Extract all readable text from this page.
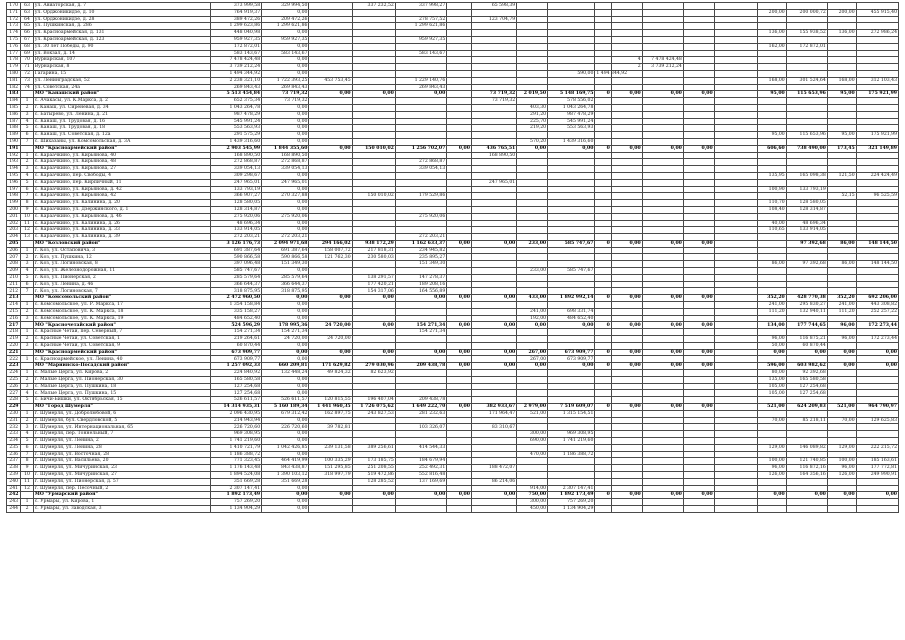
170	63	ул. Авиаторская, д. 7	373 999,58	329 994,50		337 232,52	337 998,27		65 598,39											
171	63	ул. Орджоникидзе, д. 10	764 919,37	0,00													200,00	200 000,72	200,00	455 915,40
172	64	ул. Орджоникидзе, д. 28	389 472,26	209 472,26			278 757,52		123 704,79											
173	65	ул. Пушкинская, д. 286	1 299 623,86	1 299 621,86			1 299 621,86													
174	66	ул. Красноармейская, д. 131	448 040,98	0,00													136,00	155 938,52	136,00	272 986,24
175	67	ул. Красноармейская, д. 123	959 927,35	959 927,35			959 927,35													
176	68	ул. 30 лет Победы, д. 90	172 872,01	0,00													162,00	172 872,01		
177	69	ул. Вокзал, д. 14	583 143,67	583 143,67			583 143,67													
178	70	Вурнарская, 107	7 478 424,48	0,00									4	7 478 424,48						
179	71	Вурнарская, 8	3 739 212,24	0,00									2	3 739 212,24						
180	72	Гагарина, 15	1 494 344,92	0,00							590,00	1 494 344,92								
181	73	ул. Ленинградская, 52	2 238 321,10	1 722 393,25	453 753,45		1 229 140,76										168,00	301 524,64	168,00	312 103,43
182	74	ул. Советская, 24а	269 843,43	269 843,43			269 843,43													
183		МО "Канашский район"	5 513 454,84	73 719,32	0,00	0,00	0,00		73 719,32	2 019,50	5 148 169,75	0	0,00	0,00	0,00		95,00	115 653,96	95,00	175 921,99
184	1	с. Ачакасы, ул. К.Маркса, д. 2	652 375,34	73 719,32					73 719,32		578 556,02									
185	2	г. Канаш, ул. Сиреневая, д. 34	1 043 264,78	0,00						403,30	1 043 264,78									
186	3	с. Батырево, ул. Ленина, д. 21	987 478,29	0,00						291,20	987 478,29									
187	4	с. Канаш, ул. Трудовая, д. 16	545 991,24	0,00						225,70	545 991,24									
188	5	с. Канаш, ул. Трудовая, д. 18	553 563,93	0,00						219,20	553 563,93									
189	6	с. Канаш, ул. Советская, д. 12а	291 575,29	0,00													95,00	115 653,96	95,00	175 921,99
190	7	с. Шихазаны, ул. Комсомольская, д. 3А	1 439 316,60	0,00						570,20	1 439 316,60									
191		МО "Красноармейский район"	2 903 545,99	1 844 355,60	0,00	150 010,02	1 256 702,07	0,00	436 765,51	0,00	0,00	0	0,00	0,00	0,00		606,60	738 490,00	173,45	321 149,89
192	1	с. Караачкино, ул. Кирьянова, 40	168 890,50	168 890,50					168 890,50											
193	2	с. Караачкино, ул. Кирьянова, 48	272 868,87	272 868,87			272 868,87													
194	3	с. Караачкино, ул. Кирьянова, 27	339 054,13	339 054,13			339 054,13													
195	4	с. Караачкино, пер. Свободы, 4	309 298,67	0,00													135,95	165 098,38	121,50	224 424,49
196	5	с. Караачкино, пер. Кирпичный, 11	247 965,01	247 965,01					247 965,01											
197	6	с. Караачкино, ул. Кирьянова, д. 42	133 793,19	0,00													100,90	133 793,19		
198	7	с. Караачкино, ул. Кирьянова, 42	366 907,27	270 327,88		150 010,02	179 529,86												52,15	96 525,59
199	8	с. Караачкино, ул. Калинина, д. 20	128 580,05	0,00													110,70	128 580,05		
200	9	с. Караачкино, ул. Дзержинского, д. 1	128 314,87	0,00													108,40	128 314,87		
201	10	с. Караачкино, ул. Кирьянова, д. 4б	275 920,06	275 920,06			275 920,06													
202	11	с. Караачкино, ул. Калинина, д. 26	48 696,34	0,00													40,00	48 696,34		
203	12	с. Караачкино, ул. Калинина, д. 33	133 914,05	0,00													110,65	133 914,05		
204	13	с. Караачкино, ул. Калинина, д. 39	272 203,21	272 203,21			272 203,21													
205		МО "Козловский район"	3 126 176,73	2 094 971,68	294 166,02	938 172,29	1 162 633,37	0,00	0,00	233,00	585 747,67	0	0,00	0,00	0,00			97 392,68	86,00	148 144,50
206	1	г. Коз, ул. Остаповича, 3	691 387,64	691 387,64	158 007,72	217 818,31	234 945,82													
207	2	г. Коз, ул. Пушкина, 12	590 866,58	590 866,58	121 762,30	230 580,03	235 895,27													
208	3	г. Коз, ул. Логиновская, 8	397 096,48	151 349,30			151 349,30										86,00	97 392,68	86,00	148 144,50
209	4	г. Коз, ул. Железнодорожная, 11	585 747,67	0,00						233,00	585 747,67									
210	5	г. Коз, ул. Пионерская, 2	285 579,64	285 579,64		138 291,57	147 278,37													
211	6	г. Коз, ул. Ленина, д. 46	366 644,37	366 644,37		177 420,21	189 208,16													
212	7	г. Коз, ул. Логиновская, 7	318 875,95	318 875,95		154 317,06	164 556,89													
213		МО "Комсомольский район"	2 472 960,50	0,00	0,00	0,00	0,00	0,00	0,00	433,00	1 892 992,14	0	0,00	0,00	0,00		352,20	428 770,38	352,20	692 206,00
214	1	с. Комсомольское, ул. Р. Маркса, 17	1 354 158,84	0,00													241,00	295 830,27	241,00	443 308,82
215	2	с. Комсомольское, ул. К. Маркса, 18	335 158,27	0,00						241,00	698 331,74						111,20	132 940,11	111,20	252 257,22
216	3	с. Комсомольское, ул. К. Маркса, 19	484 652,40	0,00						192,00	484 652,40									
217		МО "Красночетайский район"	524 596,29	178 995,36	24 720,00	0,00	154 271,34	0,00	0,00	0,00	0,00	0	0,00	0,00	0,00		134,00	177 744,65	96,00	172 273,44
218	1	с. Красные Четаи, пер. Северный, 7	154 271,34	154 271,34			154 271,34													
219	2	с. Красные Четаи, ул. Советская, 1	219 264,61	24 720,00	24 720,00												96,00	116 875,21	96,00	172 273,44
220	3	с. Красные Четаи, ул. Советская, 9	60 870,44	0,00													50,00	60 870,44		
221		МО "Красноармейский район"	673 909,77	0,00	0,00	0,00	0,00	0,00	0,00	267,00	673 909,77	0	0,00	0,00	0,00		0,00	0,00	0,00	0,00
222	1	с. Красноармейское, ул. Ленина, 40	673 909,77	0,00						267,00	673 909,77									
223		МО "Мариинско-Посадский район"	1 257 092,33	660 209,81	171 629,82	279 030,96	209 438,78	0,00	0,00	0,00	0,00	0	0,00	0,00	0,00		596,00	603 982,62	0,00	0,00
224	1	с. Малые Церга, ул. Кирова, 2	224 840,92	132 448,24	49 824,32	82 623,92											80,00	92 392,68		
225	2	г. Малые Церга, ул. Пионерская, 30	165 580,58	0,00													135,00	165 580,58		
226	3	с. Малые Церга, ул. Пушкина, 18	127 254,68	0,00													105,00	127 254,68		
227	4	с. Малые Церга, ул. Пушкина, 15	127 254,68	0,00													105,00	127 254,68		
228	5	с. Бичи-Бишки, ул. Октябрьская, 15	526 611,57	526 611,57	120 815,55	196 407,04	209 438,78													
229		МО "Город Шумерля"	14 314 935,31	5 160 189,34	1 441 960,35	1 726 075,62	1 649 222,70	0,00	382 933,67	2 979,00	7 519 609,07	0	0,00	0,00	0,00		521,00	624 209,83	521,00	964 790,97
230	1	г. Шумерля, ул. Добролюбовой, 6	2 096 430,95	679 312,42	162 897,75	243 827,53	281 232,63		171 964,47	521,00	1 315 154,51									
231	2	г. Шумерля, бул. Свердловской, 5	214 943,94	0,00													70,00	85 218,11	70,00	129 625,83
232	3	г. Шумерля, ул. Интернациональная, 65	226 720,60	226 720,60	39 782,81		103 326,07		83 310,67											
233	4	г. Шумерля, пер. Тоннельный, 7	969 308,95	0,00						300,00	969 308,95									
234	5	г. Шумерля, ул. Ленина, 2	1 741 219,60	0,00						690,00	1 741 219,60									
235	6	г. Шумерля, ул. Ленина, 28	1 410 721,79	1 042 426,85	239 131,58	389 256,61	414 544,33										129,00	146 089,82	129,00	222 215,72
236	7	г. Шумерля, ул. Восточная, 28	1 186 388,72	0,00						470,00	1 186 388,72									
237	8	г. Шумерля, ул. Васильева, 20	771 323,45	464 419,99	100 335,29	173 185,75	184 679,94										100,00	121 740,85	100,00	185 163,61
238	9	г. Шумерля, ул. Мичуринская, 23	1 176 143,48	843 438,87	151 295,85	251 208,55	252 492,31		188 472,07								96,00	116 872,16	96,00	177 772,81
239	10	г. Шумерля, ул. Мичуринская, 27	1 894 524,08	1 390 103,12	318 997,79	519 472,86	552 816,48										126,00	164 356,16	126,00	249 990,91
240	11	г. Шумерля, ул. Пионерская, д. 57	351 669,28	351 669,28		128 285,52	137 169,69		86 214,06											
241	12	г. Шумерля, пер. Песочный, 2	2 307 147,41	0,00						914,00	2 307 147,41									
242		МО "Урмарский район"	1 892 173,49	0,00	0,00	0,00	0,00	0,00	0,00	750,00	1 892 173,49	0	0,00	0,00	0,00		0,00	0,00	0,00	0,00
243	1	с. Урмары, ул. Кирова, 1	757 269,20	0,00						300,00	757 269,20									
244	2	с. Урмары, ул. Заводская, 3	1 134 904,29	0,00						450,00	1 134 904,29									
